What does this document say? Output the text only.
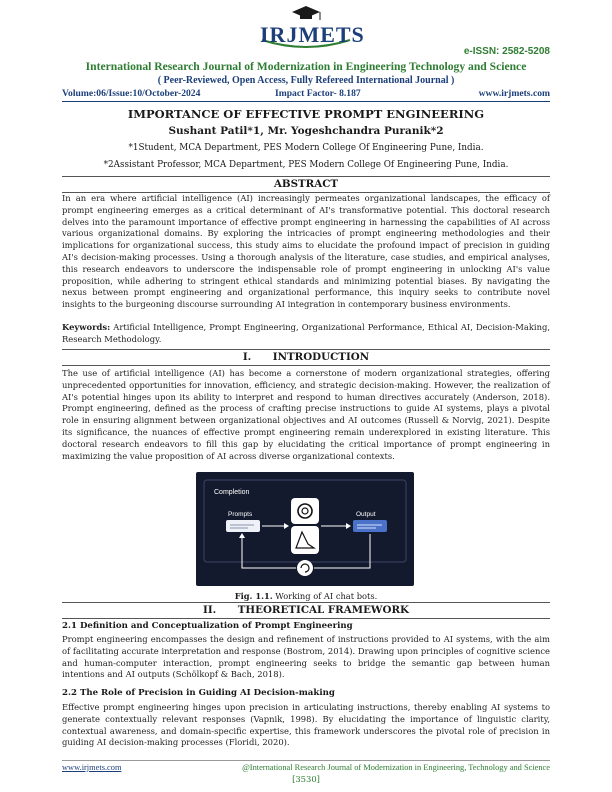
IRJMETS
e-ISSN: 2582-5208
International Research Journal of Modernization in Engineering Technology and Science
( Peer-Reviewed, Open Access, Fully Refereed International Journal )
Volume:06/Issue:10/October-2024	Impact Factor- 8.187	www.irjmets.com
IMPORTANCE OF EFFECTIVE PROMPT ENGINEERING
Sushant Patil*1, Mr. Yogeshchandra Puranik*2
*1Student, MCA Department, PES Modern College Of Engineering Pune, India.
*2Assistant Professor, MCA Department, PES Modern College Of Engineering Pune, India.
ABSTRACT
In an era where artificial intelligence (AI) increasingly permeates organizational landscapes, the efficacy of prompt engineering emerges as a critical determinant of AI's transformative potential. This doctoral research delves into the paramount importance of effective prompt engineering in harnessing the capabilities of AI across various organizational domains. By exploring the intricacies of prompt engineering methodologies and their implications for organizational success, this study aims to elucidate the profound impact of precision in guiding AI's decision-making processes. Using a thorough analysis of the literature, case studies, and empirical analyses, this research endeavors to underscore the indispensable role of prompt engineering in unlocking AI's value proposition, while adhering to stringent ethical standards and minimizing potential biases. By navigating the nexus between prompt engineering and organizational performance, this inquiry seeks to contribute novel insights to the burgeoning discourse surrounding AI integration in contemporary business environments.
Keywords: Artificial Intelligence, Prompt Engineering, Organizational Performance, Ethical AI, Decision-Making, Research Methodology.
I.      INTRODUCTION
The use of artificial intelligence (AI) has become a cornerstone of modern organizational strategies, offering unprecedented opportunities for innovation, efficiency, and strategic decision-making. However, the realization of AI's potential hinges upon its ability to interpret and respond to human directives accurately (Anderson, 2018). Prompt engineering, defined as the process of crafting precise instructions to guide AI systems, plays a pivotal role in ensuring alignment between organizational objectives and AI outcomes (Russell & Norvig, 2021). Despite its significance, the nuances of effective prompt engineering remain underexplored in existing literature. This doctoral research endeavors to fill this gap by elucidating the critical importance of prompt engineering in maximizing the value proposition of AI across diverse organizational contexts.
Completion
Prompts	Output
Fig. 1.1. Working of AI chat bots.
II.      THEORETICAL FRAMEWORK
2.1 Definition and Conceptualization of Prompt Engineering
Prompt engineering encompasses the design and refinement of instructions provided to AI systems, with the aim of facilitating accurate interpretation and response (Bostrom, 2014). Drawing upon principles of cognitive science and human-computer interaction, prompt engineering seeks to bridge the semantic gap between human intentions and AI outputs (Schölkopf & Bach, 2018).
2.2 The Role of Precision in Guiding AI Decision-making
Effective prompt engineering hinges upon precision in articulating instructions, thereby enabling AI systems to generate contextually relevant responses (Vapnik, 1998). By elucidating the importance of linguistic clarity, contextual awareness, and domain-specific expertise, this framework underscores the pivotal role of precision in guiding AI decision-making processes (Floridi, 2020).
www.irjmets.com	@International Research Journal of Modernization in Engineering, Technology and Science
[3530]
